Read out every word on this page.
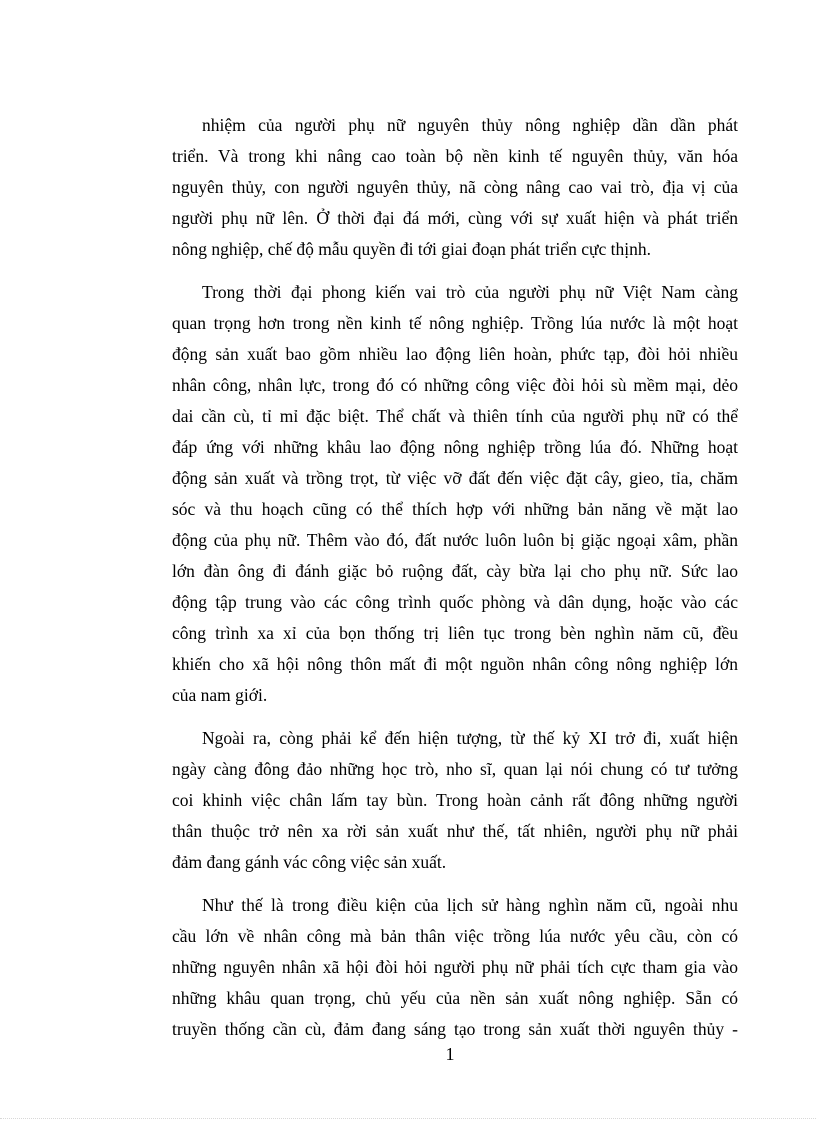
nhiệm của người phụ nữ nguyên thủy nông nghiệp dần dần phát
triển. Và trong khi nâng cao toàn bộ nền kinh tế nguyên thủy, văn hóa
nguyên thủy, con người nguyên thủy, nã còng nâng cao vai trò, địa vị của
người phụ nữ lên. Ở thời đại đá mới, cùng với sự xuất hiện và phát triển
nông nghiệp, chế độ mẫu quyền đi tới giai đoạn phát triển cực thịnh.
Trong thời đại phong kiến vai trò của người phụ nữ Việt Nam càng
quan trọng hơn trong nền kinh tế nông nghiệp. Trồng lúa nước là một hoạt
động sản xuất bao gồm nhiều lao động liên hoàn, phức tạp, đòi hỏi nhiều
nhân công, nhân lực, trong đó có những công việc đòi hỏi sù mềm mại, dẻo
dai cần cù, tỉ mỉ đặc biệt. Thể chất và thiên tính của người phụ nữ có thể
đáp ứng với những khâu lao động nông nghiệp trồng lúa đó. Những hoạt
động sản xuất và trồng trọt, từ việc vỡ đất đến việc đặt cây, gieo, tỉa, chăm
sóc và thu hoạch cũng có thể thích hợp với những bản năng về mặt lao
động của phụ nữ. Thêm vào đó, đất nước luôn luôn bị giặc ngoại xâm, phần
lớn đàn ông đi đánh giặc bỏ ruộng đất, cày bừa lại cho phụ nữ. Sức lao
động tập trung vào các công trình quốc phòng và dân dụng, hoặc vào các
công trình xa xỉ của bọn thống trị liên tục trong bèn nghìn năm cũ, đều
khiến cho xã hội nông thôn mất đi một nguồn nhân công nông nghiệp lớn
của nam giới.
Ngoài ra, còng phải kể đến hiện tượng, từ thế kỷ XI trở đi, xuất hiện
ngày càng đông đảo những học trò, nho sĩ, quan lại nói chung có tư tưởng
coi khinh việc chân lấm tay bùn. Trong hoàn cảnh rất đông những người
thân thuộc trở nên xa rời sản xuất như thế, tất nhiên, người phụ nữ phải
đảm đang gánh vác công việc sản xuất.
Như thế là trong điều kiện của lịch sử hàng nghìn năm cũ, ngoài nhu
cầu lớn về nhân công mà bản thân việc trồng lúa nước yêu cầu, còn có
những nguyên nhân xã hội đòi hỏi người phụ nữ phải tích cực tham gia vào
những khâu quan trọng, chủ yếu của nền sản xuất nông nghiệp. Sẵn có
truyền thống cần cù, đảm đang sáng tạo trong sản xuất thời nguyên thủy -
1
